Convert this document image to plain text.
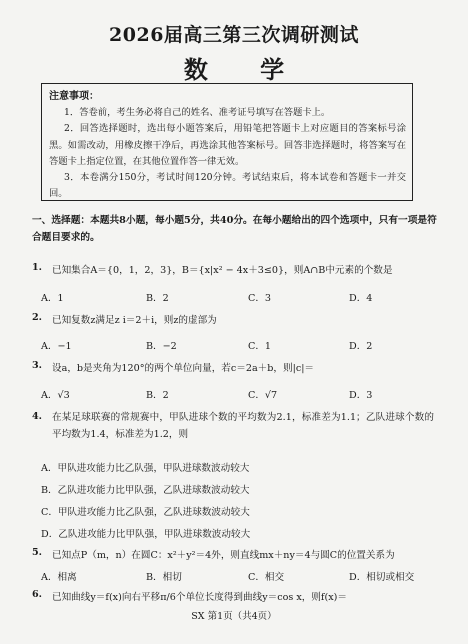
2026届高三第三次调研测试
数 学
注意事项：

1．答卷前，考生务必将自己的姓名、准考证号填写在答题卡上。

2．回答选择题时，选出每小题答案后，用铅笔把答题卡上对应题目的答案标号涂黑。如需改动，用橡皮擦干净后，再选涂其他答案标号。回答非选择题时，将答案写在答题卡上指定位置，在其他位置作答一律无效。

3．本卷满分150分，考试时间120分钟。考试结束后，将本试卷和答题卡一并交回。

一、选择题：本题共8小题，每小题5分，共40分。在每小题给出的四个选项中，只有一项是符合题目要求的。
1. 已知集合A＝{0，1，2，3}，B＝{x|x² − 4x＋3≤0}，则A∩B中元素的个数是
A．1	B．2	C．3	D．4
2. 已知复数z满足z i＝2＋i，则z的虚部为
A．−1	B．−2	C．1	D．2
3. 设a，b是夹角为120°的两个单位向量，若c＝2a＋b，则|c|＝
A．√3	B．2	C．√7	D．3
4. 在某足球联赛的常规赛中，甲队进球个数的平均数为2.1，标准差为1.1；乙队进球个数的平均数为1.4，标准差为1.2，则
A．甲队进攻能力比乙队强，甲队进球数波动较大
B．乙队进攻能力比甲队强，乙队进球数波动较大
C．甲队进攻能力比乙队强，乙队进球数波动较大
D．乙队进攻能力比甲队强，甲队进球数波动较大
5. 已知点P（m，n）在圆C：x²＋y²＝4外，则直线mx＋ny＝4与圆C的位置关系为
A．相离	B．相切	C．相交	D．相切或相交
6. 已知曲线y＝f(x)向右平移π/6个单位长度得到曲线y＝cos x，则f(x)＝
SX 第1页（共4页）
